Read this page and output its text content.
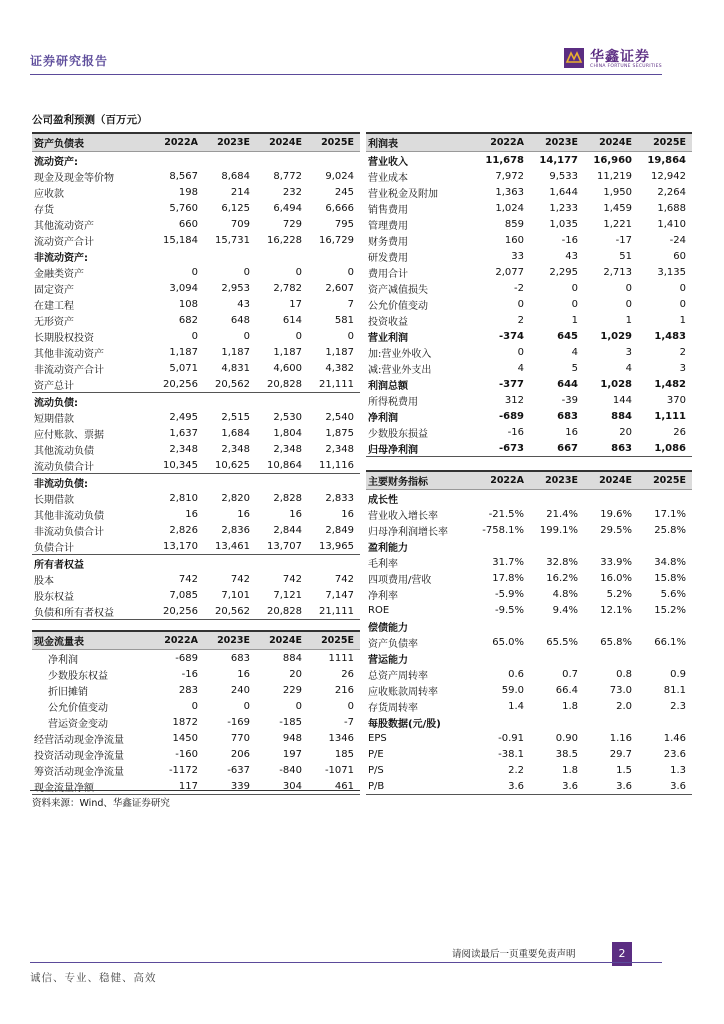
证券研究报告	华鑫证券
CHINA FORTUNE SECURITIES
公司盈利预测（百万元）
资产负债表	2022A	2023E	2024E	2025E
流动资产:				
现金及现金等价物	8,567	8,684	8,772	9,024
应收款	198	214	232	245
存货	5,760	6,125	6,494	6,666
其他流动资产	660	709	729	795
流动资产合计	15,184	15,731	16,228	16,729
非流动资产:				
金融类资产	0	0	0	0
固定资产	3,094	2,953	2,782	2,607
在建工程	108	43	17	7
无形资产	682	648	614	581
长期股权投资	0	0	0	0
其他非流动资产	1,187	1,187	1,187	1,187
非流动资产合计	5,071	4,831	4,600	4,382
资产总计	20,256	20,562	20,828	21,111
流动负债:				
短期借款	2,495	2,515	2,530	2,540
应付账款、票据	1,637	1,684	1,804	1,875
其他流动负债	2,348	2,348	2,348	2,348
流动负债合计	10,345	10,625	10,864	11,116
非流动负债:				
长期借款	2,810	2,820	2,828	2,833
其他非流动负债	16	16	16	16
非流动负债合计	2,826	2,836	2,844	2,849
负债合计	13,170	13,461	13,707	13,965
所有者权益				
股本	742	742	742	742
股东权益	7,085	7,101	7,121	7,147
负债和所有者权益	20,256	20,562	20,828	21,111
现金流量表	2022A	2023E	2024E	2025E
净利润	-689	683	884	1111
少数股东权益	-16	16	20	26
折旧摊销	283	240	229	216
公允价值变动	0	0	0	0
营运资金变动	1872	-169	-185	-7
经营活动现金净流量	1450	770	948	1346
投资活动现金净流量	-160	206	197	185
筹资活动现金净流量	-1172	-637	-840	-1071
现金流量净额	117	339	304	461
利润表	2022A	2023E	2024E	2025E
营业收入	11,678	14,177	16,960	19,864
营业成本	7,972	9,533	11,219	12,942
营业税金及附加	1,363	1,644	1,950	2,264
销售费用	1,024	1,233	1,459	1,688
管理费用	859	1,035	1,221	1,410
财务费用	160	-16	-17	-24
研发费用	33	43	51	60
费用合计	2,077	2,295	2,713	3,135
资产减值损失	-2	0	0	0
公允价值变动	0	0	0	0
投资收益	2	1	1	1
营业利润	-374	645	1,029	1,483
加:营业外收入	0	4	3	2
减:营业外支出	4	5	4	3
利润总额	-377	644	1,028	1,482
所得税费用	312	-39	144	370
净利润	-689	683	884	1,111
少数股东损益	-16	16	20	26
归母净利润	-673	667	863	1,086
主要财务指标	2022A	2023E	2024E	2025E
成长性				
营业收入增长率	-21.5%	21.4%	19.6%	17.1%
归母净利润增长率	-758.1%	199.1%	29.5%	25.8%
盈利能力				
毛利率	31.7%	32.8%	33.9%	34.8%
四项费用/营收	17.8%	16.2%	16.0%	15.8%
净利率	-5.9%	4.8%	5.2%	5.6%
ROE	-9.5%	9.4%	12.1%	15.2%
偿债能力				
资产负债率	65.0%	65.5%	65.8%	66.1%
营运能力				
总资产周转率	0.6	0.7	0.8	0.9
应收账款周转率	59.0	66.4	73.0	81.1
存货周转率	1.4	1.8	2.0	2.3
每股数据(元/股)				
EPS	-0.91	0.90	1.16	1.46
P/E	-38.1	38.5	29.7	23.6
P/S	2.2	1.8	1.5	1.3
P/B	3.6	3.6	3.6	3.6
资料来源：Wind、华鑫证券研究
请阅读最后一页重要免责声明	2
诚信、专业、稳健、高效
